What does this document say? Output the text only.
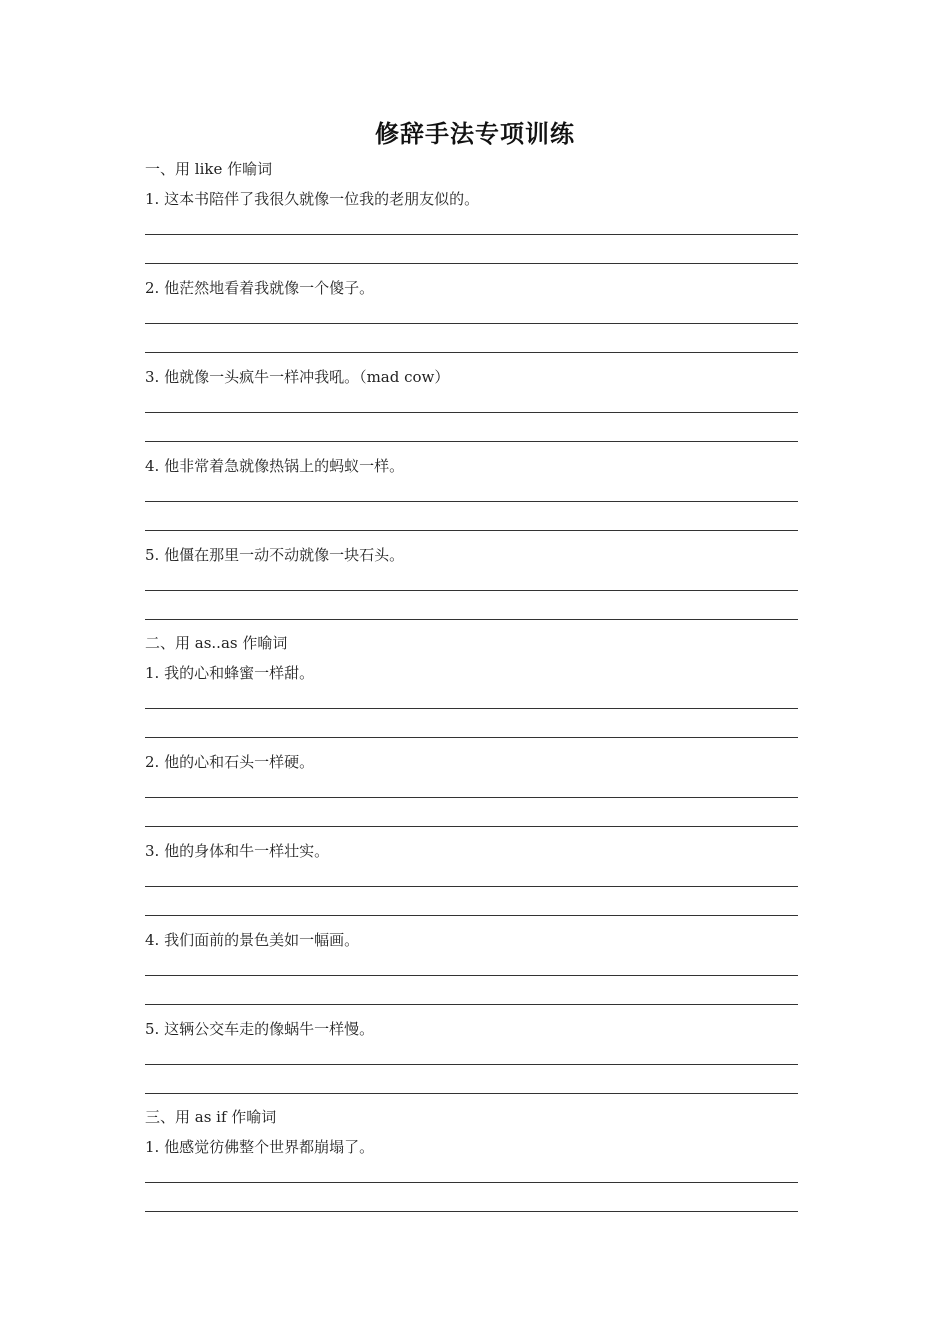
修辞手法专项训练
一、用 like 作喻词
1. 这本书陪伴了我很久就像一位我的老朋友似的。
2. 他茫然地看着我就像一个傻子。
3. 他就像一头疯牛一样冲我吼。（mad cow）
4. 他非常着急就像热锅上的蚂蚁一样。
5. 他僵在那里一动不动就像一块石头。
二、用 as..as 作喻词
1. 我的心和蜂蜜一样甜。
2. 他的心和石头一样硬。
3. 他的身体和牛一样壮实。
4. 我们面前的景色美如一幅画。
5. 这辆公交车走的像蜗牛一样慢。
三、用 as if 作喻词
1. 他感觉彷佛整个世界都崩塌了。
